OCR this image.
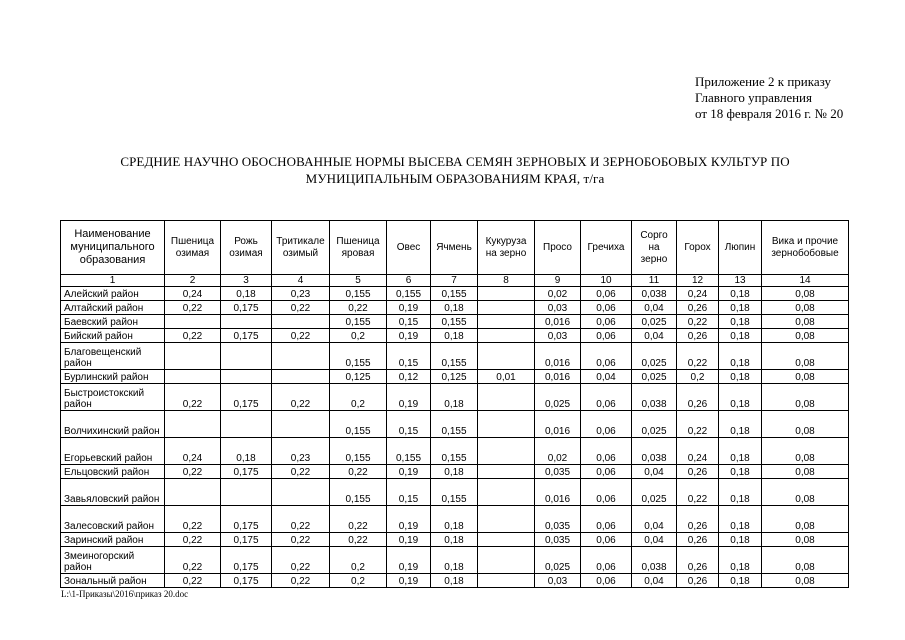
Приложение 2 к приказу
Главного управления
от 18 февраля 2016 г. № 20
СРЕДНИЕ НАУЧНО ОБОСНОВАННЫЕ НОРМЫ ВЫСЕВА СЕМЯН ЗЕРНОВЫХ И ЗЕРНОБОБОВЫХ КУЛЬТУР ПО
МУНИЦИПАЛЬНЫМ ОБРАЗОВАНИЯМ КРАЯ, т/га
Наименование муниципального образования	Пшеница озимая	Рожь озимая	Тритикале озимый	Пшеница яровая	Овес	Ячмень	Кукуруза на зерно	Просо	Гречиха	Сорго на зерно	Горох	Люпин	Вика и прочие зернобобовые
1	2	3	4	5	6	7	8	9	10	11	12	13	14
Алейский район	0,24	0,18	0,23	0,155	0,155	0,155		0,02	0,06	0,038	0,24	0,18	0,08
Алтайский район	0,22	0,175	0,22	0,22	0,19	0,18		0,03	0,06	0,04	0,26	0,18	0,08
Баевский район				0,155	0,15	0,155		0,016	0,06	0,025	0,22	0,18	0,08
Бийский район	0,22	0,175	0,22	0,2	0,19	0,18		0,03	0,06	0,04	0,26	0,18	0,08
Благовещенский район				0,155	0,15	0,155		0,016	0,06	0,025	0,22	0,18	0,08
Бурлинский район				0,125	0,12	0,125	0,01	0,016	0,04	0,025	0,2	0,18	0,08
Быстроистокский район	0,22	0,175	0,22	0,2	0,19	0,18		0,025	0,06	0,038	0,26	0,18	0,08
Волчихинский район				0,155	0,15	0,155		0,016	0,06	0,025	0,22	0,18	0,08
Егорьевский район	0,24	0,18	0,23	0,155	0,155	0,155		0,02	0,06	0,038	0,24	0,18	0,08
Ельцовский район	0,22	0,175	0,22	0,22	0,19	0,18		0,035	0,06	0,04	0,26	0,18	0,08
Завьяловский район				0,155	0,15	0,155		0,016	0,06	0,025	0,22	0,18	0,08
Залесовский район	0,22	0,175	0,22	0,22	0,19	0,18		0,035	0,06	0,04	0,26	0,18	0,08
Заринский район	0,22	0,175	0,22	0,22	0,19	0,18		0,035	0,06	0,04	0,26	0,18	0,08
Змеиногорский район	0,22	0,175	0,22	0,2	0,19	0,18		0,025	0,06	0,038	0,26	0,18	0,08
Зональный район	0,22	0,175	0,22	0,2	0,19	0,18		0,03	0,06	0,04	0,26	0,18	0,08
L:\1-Приказы\2016\приказ 20.doc
